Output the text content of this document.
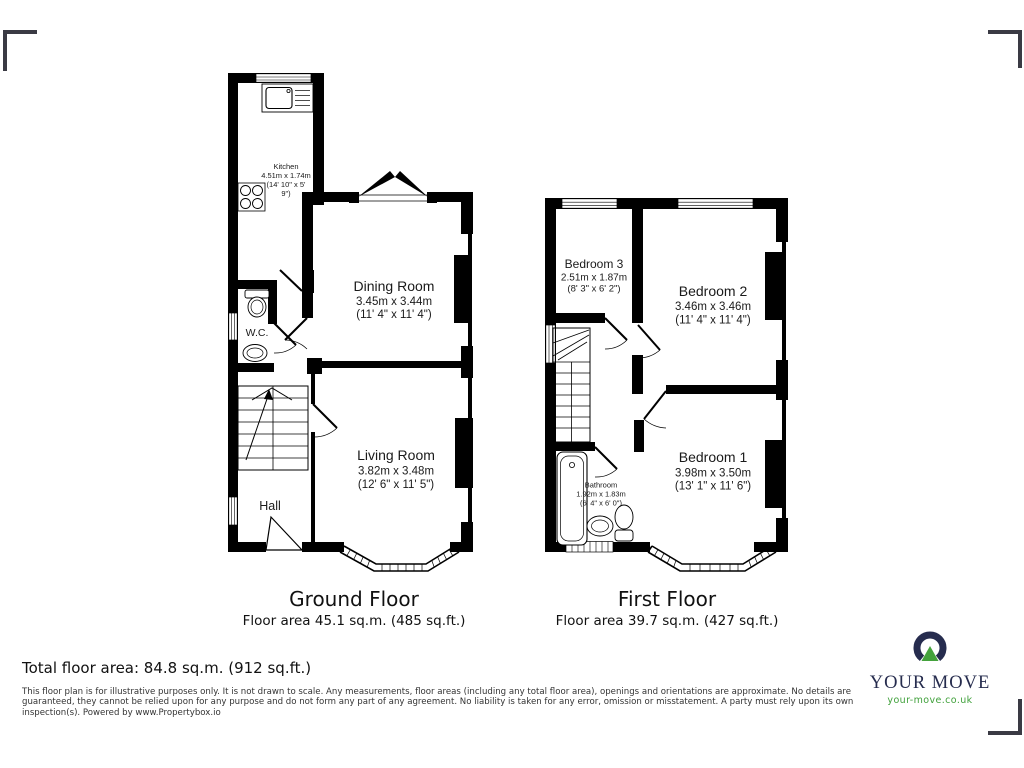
Kitchen
4.51m x 1.74m
(14' 10" x 5'
9")
Dining Room
3.45m x 3.44m
(11' 4" x 11' 4")
W.C.
Living Room
3.82m x 3.48m
(12' 6" x 11' 5")
Hall
Bedroom 3
2.51m x 1.87m
(8' 3" x 6' 2")	Bedroom 2
3.46m x 3.46m
(11' 4" x 11' 4")
Bedroom 1
3.98m x 3.50m
(13' 1" x 11' 6")
Bathroom
1.92m x 1.83m
(6' 4" x 6' 0")
Ground Floor
Floor area 45.1 sq.m. (485 sq.ft.)
First Floor
Floor area 39.7 sq.m. (427 sq.ft.)
Total floor area: 84.8 sq.m. (912 sq.ft.)
This floor plan is for illustrative purposes only. It is not drawn to scale. Any measurements, floor areas (including any total floor area), openings and orientations are approximate. No details are
guaranteed, they cannot be relied upon for any purpose and do not form any part of any agreement. No liability is taken for any error, omission or misstatement. A party must rely upon its own
inspection(s). Powered by www.Propertybox.io
YOUR MOVE
your-move.co.uk
